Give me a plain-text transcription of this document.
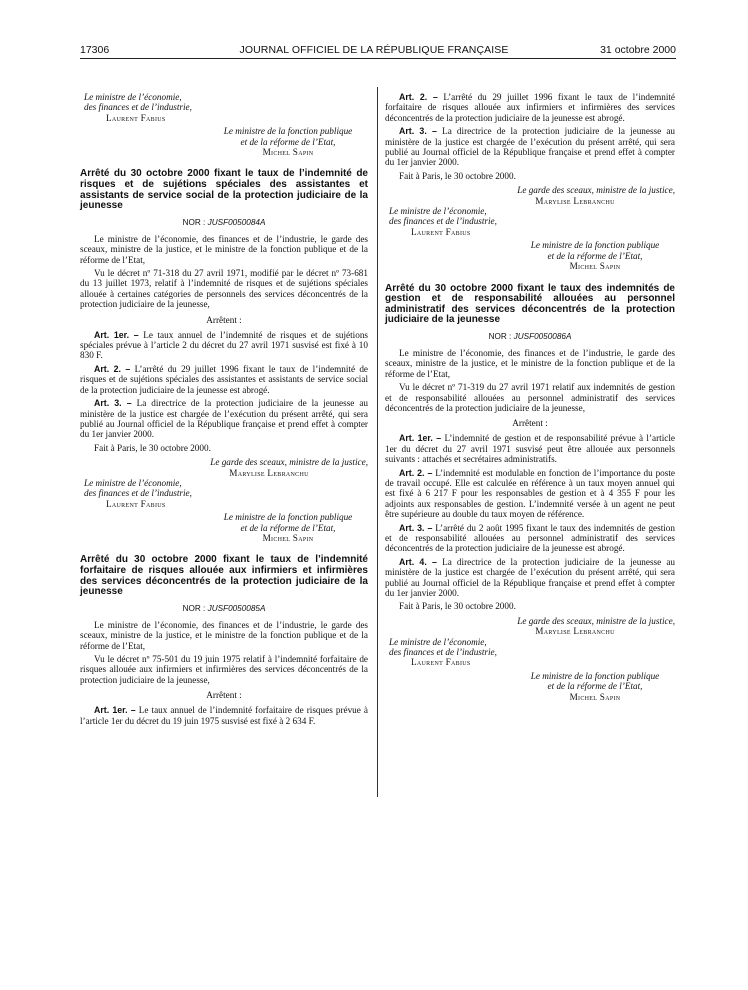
17306	JOURNAL OFFICIEL DE LA RÉPUBLIQUE FRANÇAISE	31 octobre 2000
Le ministre de l’économie,
des finances et de l’industrie,
Laurent Fabius
Le ministre de la fonction publique
et de la réforme de l’Etat,
Michel Sapin
Arrêté du 30 octobre 2000 fixant le taux de l’indemnité de risques et de sujétions spéciales des assistantes et assistants de service social de la protection judiciaire de la jeunesse
NOR : JUSF0050084A

Le ministre de l’économie, des finances et de l’industrie, le garde des sceaux, ministre de la justice, et le ministre de la fonction publique et de la réforme de l’Etat,

Vu le décret nº 71-318 du 27 avril 1971, modifié par le décret nº 73-681 du 13 juillet 1973, relatif à l’indemnité de risques et de sujétions spéciales allouée à certaines catégories de personnels des services déconcentrés de la protection judiciaire de la jeunesse,

Arrêtent :

Art. 1er. – Le taux annuel de l’indemnité de risques et de sujétions spéciales prévue à l’article 2 du décret du 27 avril 1971 susvisé est fixé à 10 830 F.

Art. 2. – L’arrêté du 29 juillet 1996 fixant le taux de l’indemnité de risques et de sujétions spéciales des assistantes et assistants de service social de la protection judiciaire de la jeunesse est abrogé.

Art. 3. – La directrice de la protection judiciaire de la jeunesse au ministère de la justice est chargée de l’exécution du présent arrêté, qui sera publié au Journal officiel de la République française et prend effet à compter du 1er janvier 2000.

Fait à Paris, le 30 octobre 2000.

Le garde des sceaux, ministre de la justice,
Marylise Lebranchu
Le ministre de l’économie,
des finances et de l’industrie,
Laurent Fabius
Le ministre de la fonction publique
et de la réforme de l’Etat,
Michel Sapin
Arrêté du 30 octobre 2000 fixant le taux de l’indemnité forfaitaire de risques allouée aux infirmiers et infirmières des services déconcentrés de la protection judiciaire de la jeunesse
NOR : JUSF0050085A

Le ministre de l’économie, des finances et de l’industrie, le garde des sceaux, ministre de la justice, et le ministre de la fonction publique et de la réforme de l’Etat,

Vu le décret nº 75-501 du 19 juin 1975 relatif à l’indemnité forfaitaire de risques allouée aux infirmiers et infirmières des services déconcentrés de la protection judiciaire de la jeunesse,

Arrêtent :

Art. 1er. – Le taux annuel de l’indemnité forfaitaire de risques prévue à l’article 1er du décret du 19 juin 1975 susvisé est fixé à 2 634 F.

Art. 2. – L’arrêté du 29 juillet 1996 fixant le taux de l’indemnité forfaitaire de risques allouée aux infirmiers et infirmières des services déconcentrés de la protection judiciaire de la jeunesse est abrogé.

Art. 3. – La directrice de la protection judiciaire de la jeunesse au ministère de la justice est chargée de l’exécution du présent arrêté, qui sera publié au Journal officiel de la République française et prend effet à compter du 1er janvier 2000.

Fait à Paris, le 30 octobre 2000.

Le garde des sceaux, ministre de la justice,
Marylise Lebranchu
Le ministre de l’économie,
des finances et de l’industrie,
Laurent Fabius
Le ministre de la fonction publique
et de la réforme de l’Etat,
Michel Sapin
Arrêté du 30 octobre 2000 fixant le taux des indemnités de gestion et de responsabilité allouées au personnel administratif des services déconcentrés de la protection judiciaire de la jeunesse
NOR : JUSF0050086A

Le ministre de l’économie, des finances et de l’industrie, le garde des sceaux, ministre de la justice, et le ministre de la fonction publique et de la réforme de l’Etat,

Vu le décret nº 71-319 du 27 avril 1971 relatif aux indemnités de gestion et de responsabilité allouées au personnel administratif des services déconcentrés de la protection judiciaire de la jeunesse,

Arrêtent :

Art. 1er. – L’indemnité de gestion et de responsabilité prévue à l’article 1er du décret du 27 avril 1971 susvisé peut être allouée aux personnels suivants : attachés et secrétaires administratifs.

Art. 2. – L’indemnité est modulable en fonction de l’importance du poste de travail occupé. Elle est calculée en référence à un taux moyen annuel qui est fixé à 6 217 F pour les responsables de gestion et à 4 355 F pour les adjoints aux responsables de gestion. L’indemnité versée à un agent ne peut être supérieure au double du taux moyen de référence.

Art. 3. – L’arrêté du 2 août 1995 fixant le taux des indemnités de gestion et de responsabilité allouées au personnel administratif des services déconcentrés de la protection judiciaire de la jeunesse est abrogé.

Art. 4. – La directrice de la protection judiciaire de la jeunesse au ministère de la justice est chargée de l’exécution du présent arrêté, qui sera publié au Journal officiel de la République française et prend effet à compter du 1er janvier 2000.

Fait à Paris, le 30 octobre 2000.

Le garde des sceaux, ministre de la justice,
Marylise Lebranchu
Le ministre de l’économie,
des finances et de l’industrie,
Laurent Fabius
Le ministre de la fonction publique
et de la réforme de l’Etat,
Michel Sapin
